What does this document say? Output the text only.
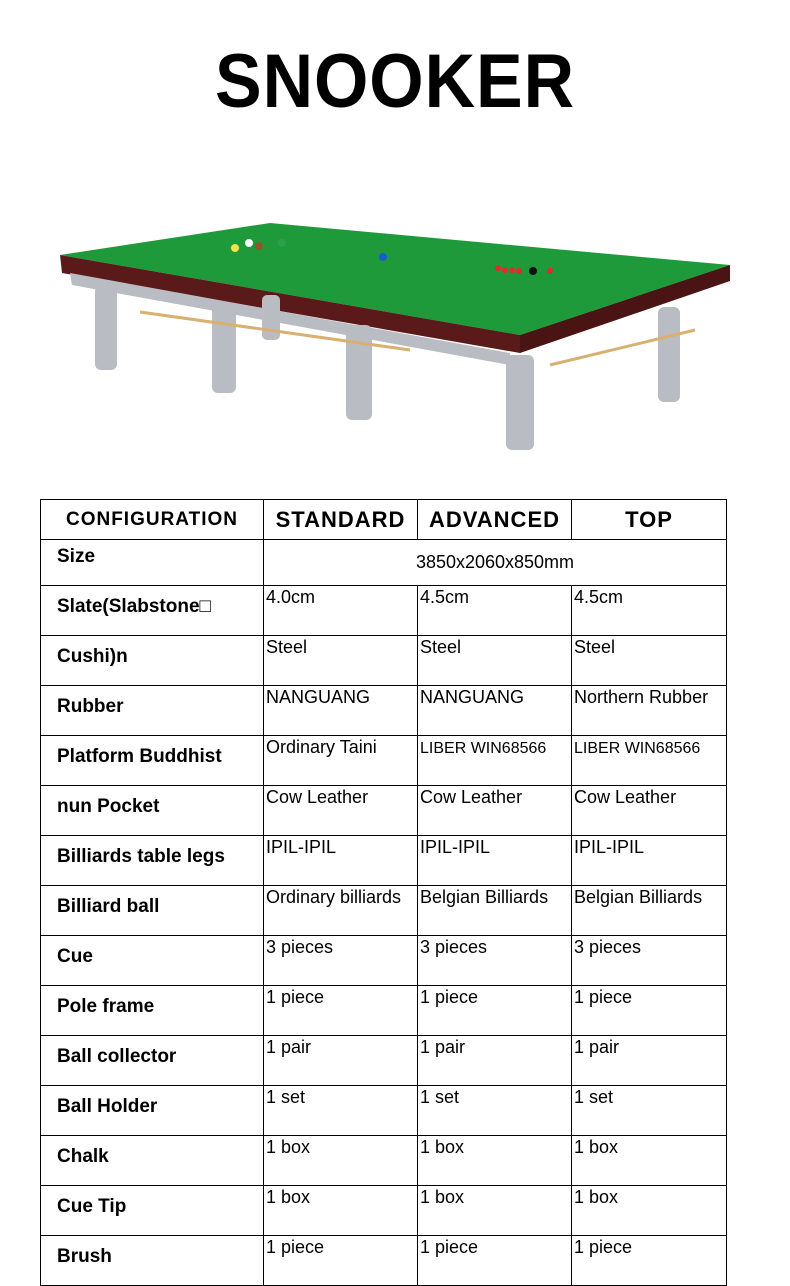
SNOOKER
CONFIGURATION	STANDARD	ADVANCED	TOP
Size	3850x2060x850mm		
Slate(Slabstone□	4.0cm	4.5cm	4.5cm
Cushi)n	Steel	Steel	Steel
Rubber	NANGUANG	NANGUANG	Northern Rubber
Platform Buddhist	Ordinary Taini	LIBER WIN68566	LIBER WIN68566
nun Pocket	Cow Leather	Cow Leather	Cow Leather
Billiards table legs	IPIL-IPIL	IPIL-IPIL	IPIL-IPIL
Billiard ball	Ordinary billiards	Belgian Billiards	Belgian Billiards
Cue	3 pieces	3 pieces	3 pieces
Pole frame	1 piece	1 piece	1 piece
Ball collector	1 pair	1 pair	1 pair
Ball Holder	1 set	1 set	1 set
Chalk	1 box	1 box	1 box
Cue Tip	1 box	1 box	1 box
Brush	1 piece	1 piece	1 piece
